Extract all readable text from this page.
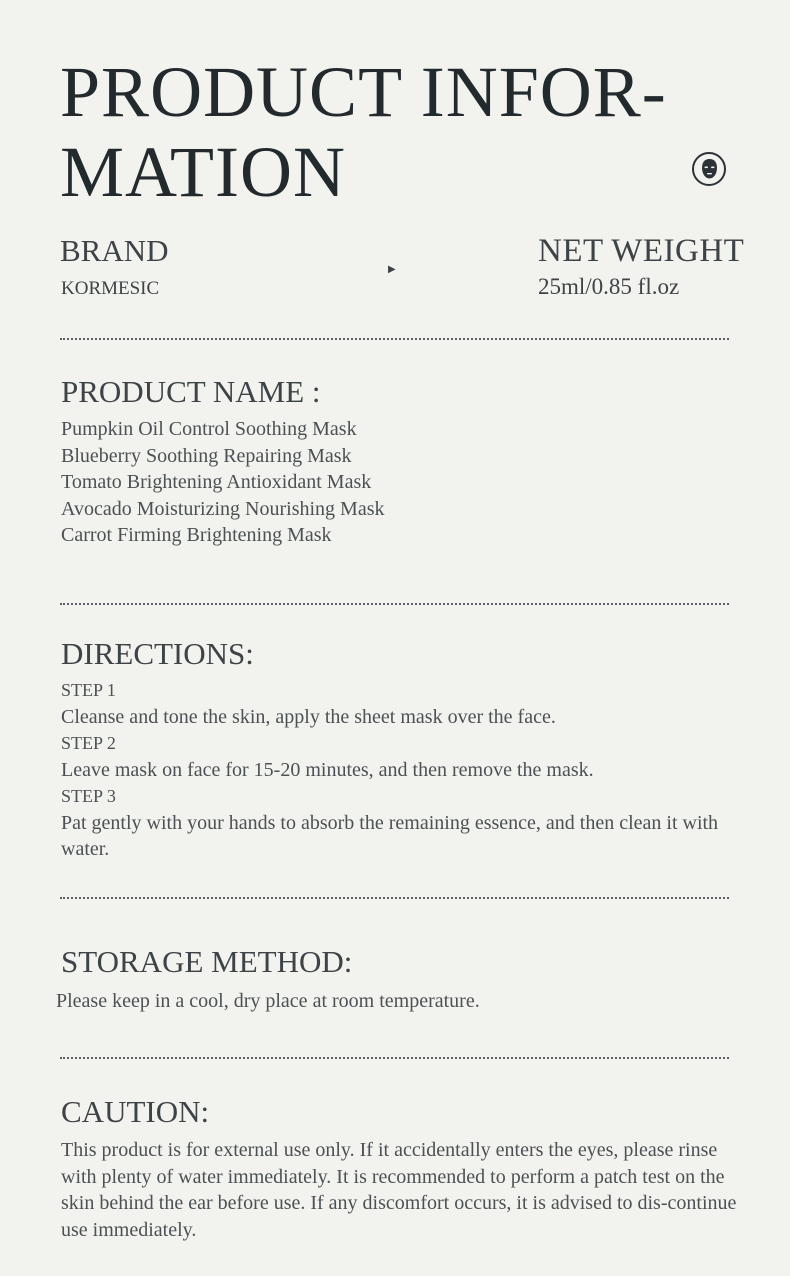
PRODUCT INFOR-
MATION
BRAND
KORMESIC
▶
NET WEIGHT
25ml/0.85 fl.oz
PRODUCT NAME :
Pumpkin Oil Control Soothing Mask
Blueberry Soothing Repairing Mask
Tomato Brightening Antioxidant Mask
Avocado Moisturizing Nourishing Mask
Carrot Firming Brightening Mask
DIRECTIONS:
STEP 1
Cleanse and tone the skin, apply the sheet mask over the face.
STEP 2
Leave mask on face for 15-20 minutes, and then remove the mask.
STEP 3
Pat gently with your hands to absorb the remaining essence, and then clean it with water.
STORAGE METHOD:
Please keep in a cool, dry place at room temperature.
CAUTION:
This product is for external use only. If it accidentally enters the eyes, please rinse with plenty of water immediately. It is recommended to perform a patch test on the skin behind the ear before use. If any discomfort occurs, it is advised to dis-continue use immediately.
